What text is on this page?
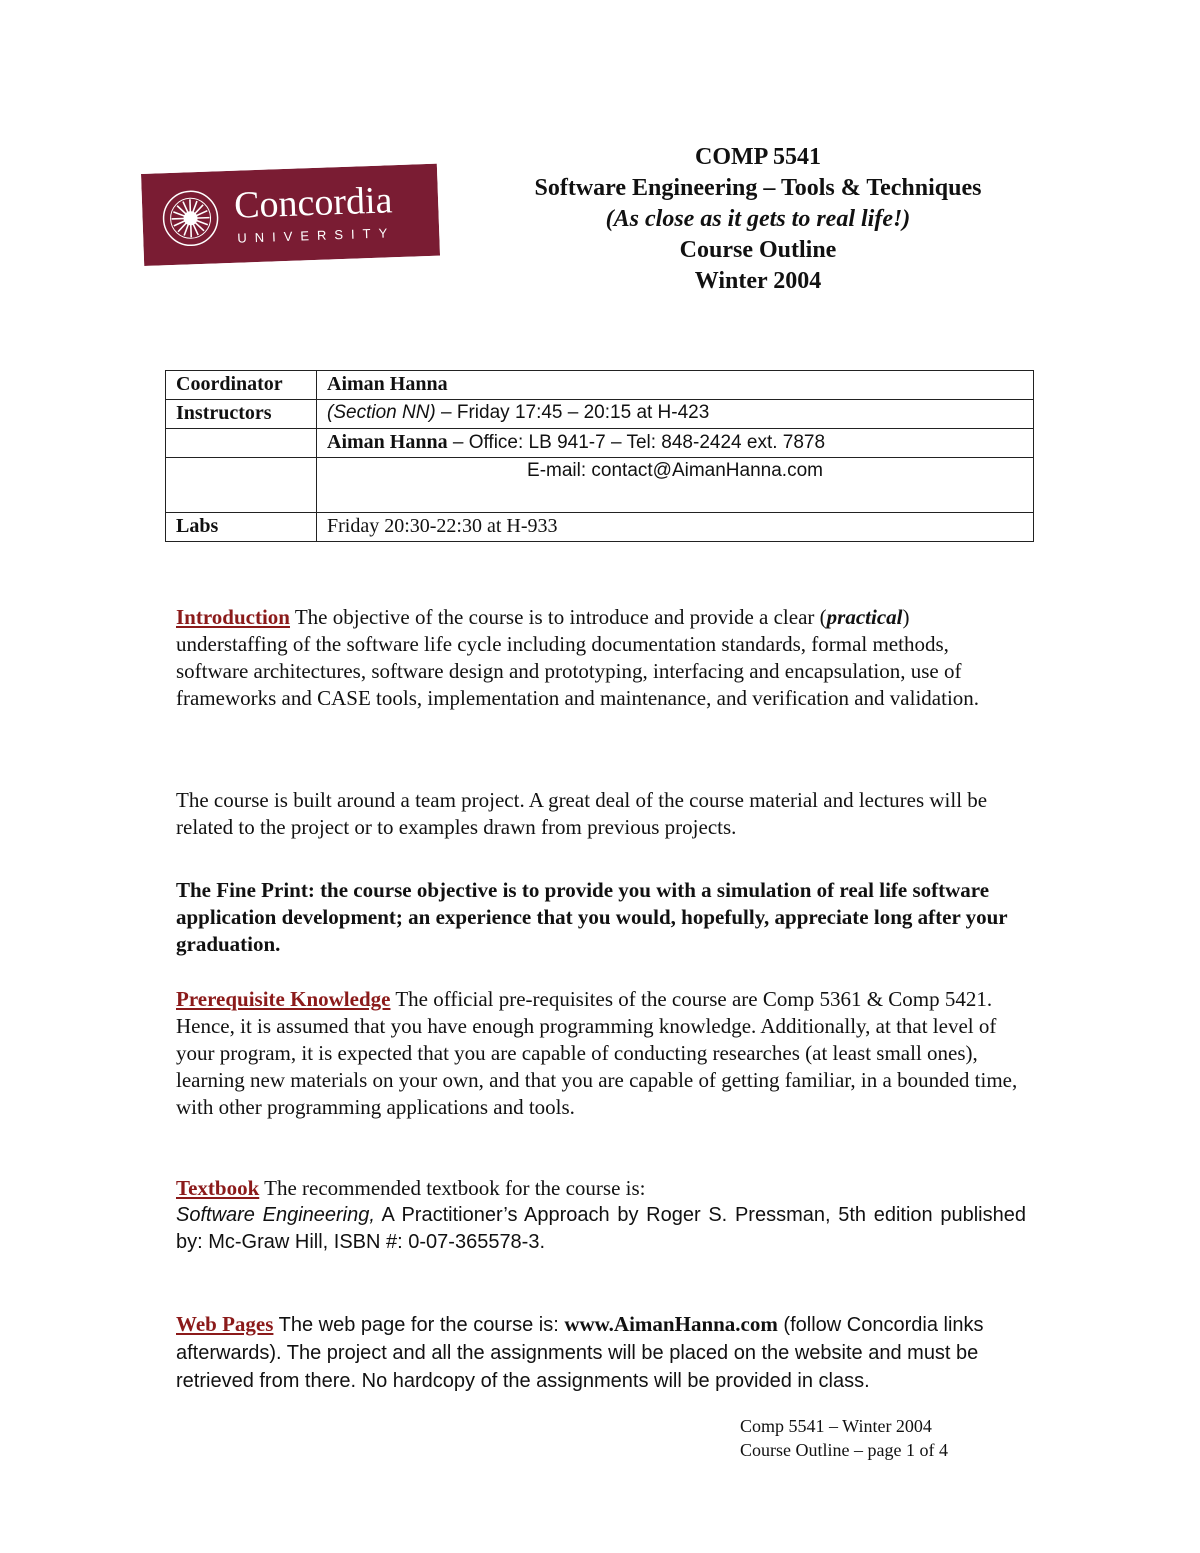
Concordia
UNIVERSITY
COMP 5541
Software Engineering – Tools & Techniques
(As close as it gets to real life!)
Course Outline
Winter 2004
Coordinator	Aiman Hanna
Instructors	(Section NN) – Friday 17:45 – 20:15 at H-423
	Aiman Hanna – Office: LB 941-7 – Tel: 848-2424 ext. 7878
	E-mail: contact@AimanHanna.com
Labs	Friday 20:30-22:30 at H-933
Introduction The objective of the course is to introduce and provide a clear (practical) understaffing of the software life cycle including documentation standards, formal methods, software architectures, software design and prototyping, interfacing and encapsulation, use of frameworks and CASE tools, implementation and maintenance, and verification and validation.
The course is built around a team project. A great deal of the course material and lectures will be related to the project or to examples drawn from previous projects.
The Fine Print: the course objective is to provide you with a simulation of real life software application development; an experience that you would, hopefully, appreciate long after your graduation.
Prerequisite Knowledge The official pre-requisites of the course are Comp 5361 & Comp 5421. Hence, it is assumed that you have enough programming knowledge. Additionally, at that level of your program, it is expected that you are capable of conducting researches (at least small ones), learning new materials on your own, and that you are capable of getting familiar, in a bounded time, with other programming applications and tools.
Textbook The recommended textbook for the course is:

Software Engineering, A Practitioner’s Approach by Roger S. Pressman, 5th edition published by: Mc-Graw Hill, ISBN #: 0-07-365578-3.
Web Pages The web page for the course is: www.AimanHanna.com (follow Concordia links afterwards). The project and all the assignments will be placed on the website and must be retrieved from there. No hardcopy of the assignments will be provided in class.
Comp 5541 – Winter 2004
Course Outline – page 1 of 4
